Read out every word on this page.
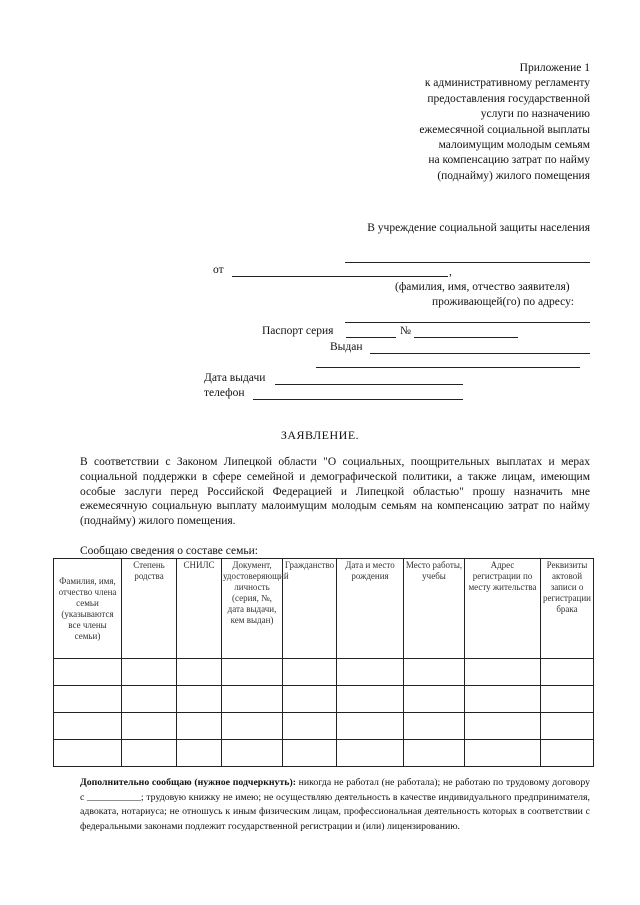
Приложение 1
к административному регламенту
предоставления государственной
услуги по назначению
ежемесячной социальной выплаты
малоимущим молодым семьям
на компенсацию затрат по найму
(поднайму) жилого помещения
В учреждение социальной защиты населения
от	,
(фамилия, имя, отчество заявителя)
проживающей(го) по адресу:
Паспорт серия	№
Выдан
Дата выдачи
телефон
ЗАЯВЛЕНИЕ.
В соответствии с Законом Липецкой области "О социальных, поощрительных выплатах и мерах социальной поддержки в сфере семейной и демографической политики, а также лицам, имеющим особые заслуги перед Российской Федерацией и Липецкой областью" прошу назначить мне ежемесячную социальную выплату малоимущим молодым семьям на компенсацию затрат по найму (поднайму) жилого помещения.
Сообщаю сведения о составе семьи:
Фамилия, имя, отчество члена семьи (указываются все члены семьи)	Степень родства	СНИЛС	Документ, удостоверяющий личность (серия, №, дата выдачи, кем выдан)	Гражданство	Дата и место рождения	Место работы, учебы	Адрес регистрации по месту жительства	Реквизиты актовой записи о регистрации брака

Дополнительно сообщаю (нужное подчеркнуть): никогда не работал (не работала); не работаю по трудовому договору с ___________; трудовую книжку не имею; не осуществляю деятельность в качестве индивидуального предпринимателя, адвоката, нотариуса; не отношусь к иным физическим лицам, профессиональная деятельность которых в соответствии с федеральными законами подлежит государственной регистрации и (или) лицензированию.
